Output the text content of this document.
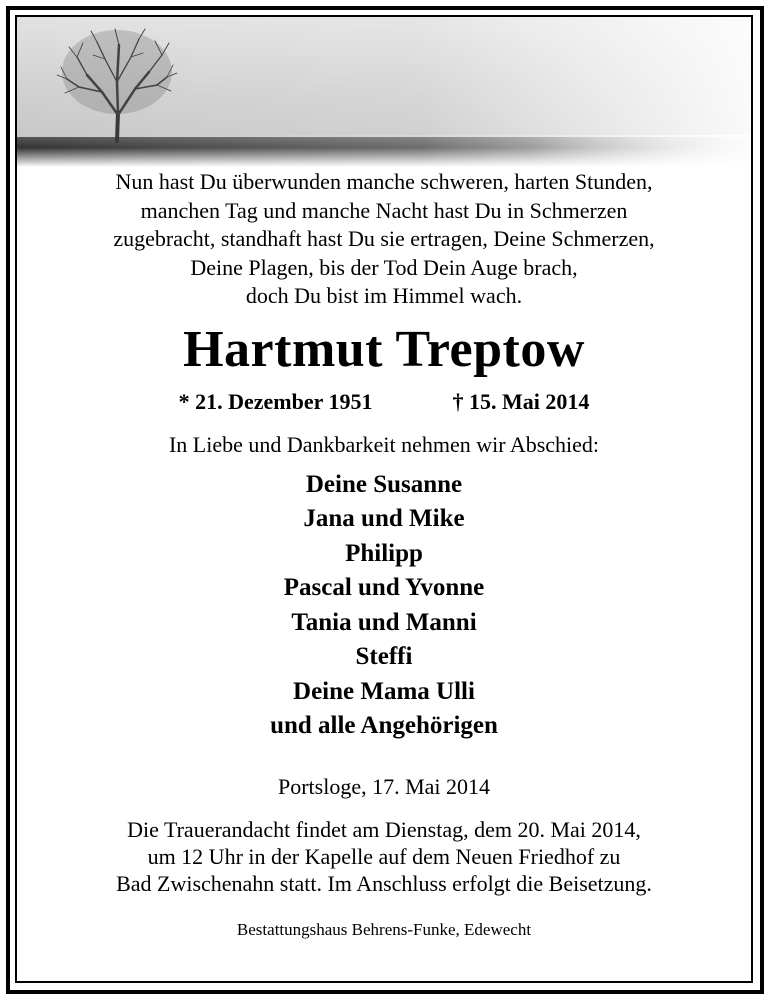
Nun hast Du überwunden manche schweren, harten Stunden,
manchen Tag und manche Nacht hast Du in Schmerzen
zugebracht, standhaft hast Du sie ertragen, Deine Schmerzen,
Deine Plagen, bis der Tod Dein Auge brach,
doch Du bist im Himmel wach.
Hartmut Treptow
* 21. Dezember 1951	† 15. Mai 2014
In Liebe und Dankbarkeit nehmen wir Abschied:
Deine Susanne
Jana und Mike
Philipp
Pascal und Yvonne
Tania und Manni
Steffi
Deine Mama Ulli
und alle Angehörigen
Portsloge, 17. Mai 2014
Die Trauerandacht findet am Dienstag, dem 20. Mai 2014,
um 12 Uhr in der Kapelle auf dem Neuen Friedhof zu
Bad Zwischenahn statt. Im Anschluss erfolgt die Beisetzung.
Bestattungshaus Behrens-Funke, Edewecht
